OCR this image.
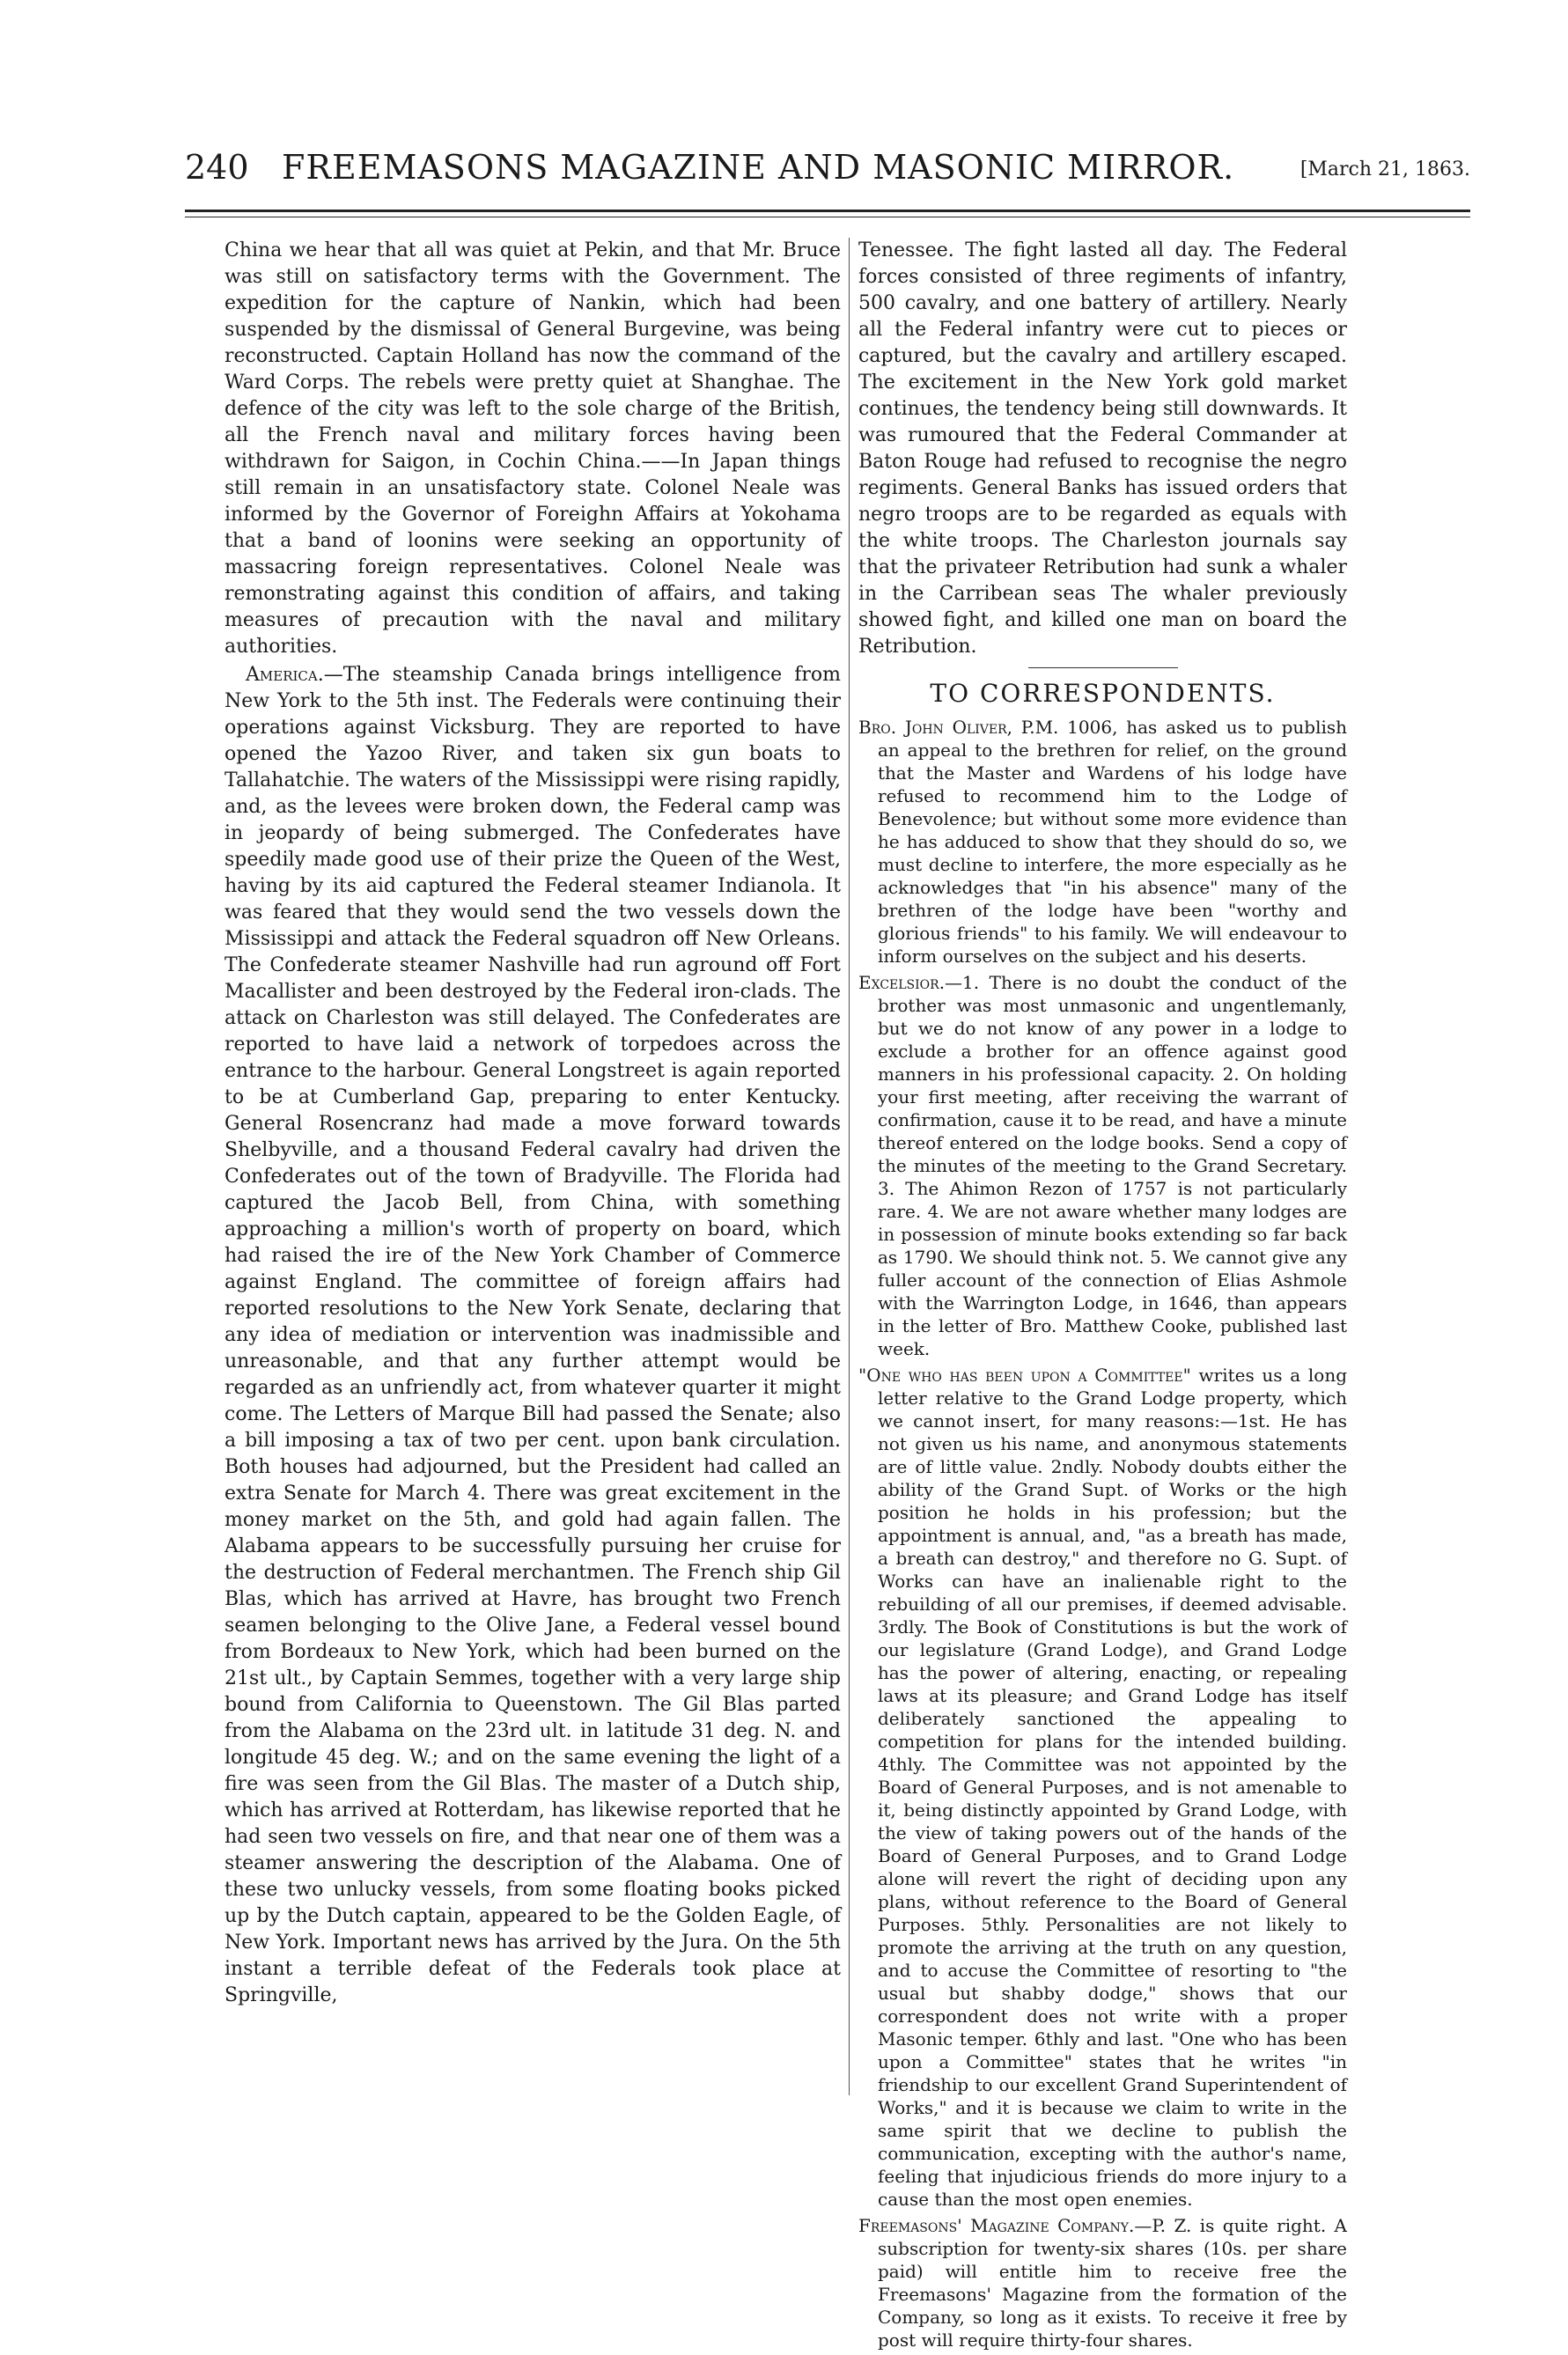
240 FREEMASONS MAGAZINE AND MASONIC MIRROR.	[March 21, 1863.

China we hear that all was quiet at Pekin, and that Mr. Bruce was still on satisfactory terms with the Government. The expedition for the capture of Nankin, which had been suspended by the dismissal of General Burgevine, was being reconstructed. Captain Holland has now the command of the Ward Corps. The rebels were pretty quiet at Shanghae. The defence of the city was left to the sole charge of the British, all the French naval and military forces having been withdrawn for Saigon, in Cochin China.——In Japan things still remain in an unsatisfactory state. Colonel Neale was informed by the Governor of Foreighn Affairs at Yokohama that a band of loonins were seeking an opportunity of massacring foreign representatives. Colonel Neale was remonstrating against this condition of affairs, and taking measures of precaution with the naval and military authorities.

America.—The steamship Canada brings intelligence from New York to the 5th inst. The Federals were continuing their operations against Vicksburg. They are reported to have opened the Yazoo River, and taken six gun boats to Tallahatchie. The waters of the Mississippi were rising rapidly, and, as the levees were broken down, the Federal camp was in jeopardy of being submerged. The Confederates have speedily made good use of their prize the Queen of the West, having by its aid captured the Federal steamer Indianola. It was feared that they would send the two vessels down the Mississippi and attack the Federal squadron off New Orleans. The Confederate steamer Nashville had run aground off Fort Macallister and been destroyed by the Federal iron-clads. The attack on Charleston was still delayed. The Confederates are reported to have laid a network of torpedoes across the entrance to the harbour. General Longstreet is again reported to be at Cumberland Gap, preparing to enter Kentucky. General Rosencranz had made a move forward towards Shelbyville, and a thousand Federal cavalry had driven the Confederates out of the town of Bradyville. The Florida had captured the Jacob Bell, from China, with something approaching a million's worth of property on board, which had raised the ire of the New York Chamber of Commerce against England. The committee of foreign affairs had reported resolutions to the New York Senate, declaring that any idea of mediation or intervention was inadmissible and unreasonable, and that any further attempt would be regarded as an unfriendly act, from whatever quarter it might come. The Letters of Marque Bill had passed the Senate; also a bill imposing a tax of two per cent. upon bank circulation. Both houses had adjourned, but the President had called an extra Senate for March 4. There was great excitement in the money market on the 5th, and gold had again fallen. The Alabama appears to be successfully pursuing her cruise for the destruction of Federal merchantmen. The French ship Gil Blas, which has arrived at Havre, has brought two French seamen belonging to the Olive Jane, a Federal vessel bound from Bordeaux to New York, which had been burned on the 21st ult., by Captain Semmes, together with a very large ship bound from California to Queenstown. The Gil Blas parted from the Alabama on the 23rd ult. in latitude 31 deg. N. and longitude 45 deg. W.; and on the same evening the light of a fire was seen from the Gil Blas. The master of a Dutch ship, which has arrived at Rotterdam, has likewise reported that he had seen two vessels on fire, and that near one of them was a steamer answering the description of the Alabama. One of these two unlucky vessels, from some floating books picked up by the Dutch captain, appeared to be the Golden Eagle, of New York. Important news has arrived by the Jura. On the 5th instant a terrible defeat of the Federals took place at Springville,

Tenessee. The fight lasted all day. The Federal forces consisted of three regiments of infantry, 500 cavalry, and one battery of artillery. Nearly all the Federal infantry were cut to pieces or captured, but the cavalry and artillery escaped. The excitement in the New York gold market continues, the tendency being still downwards. It was rumoured that the Federal Commander at Baton Rouge had refused to recognise the negro regiments. General Banks has issued orders that negro troops are to be regarded as equals with the white troops. The Charleston journals say that the privateer Retribution had sunk a whaler in the Carribean seas The whaler previously showed fight, and killed one man on board the Retribution.

TO CORRESPONDENTS.

Bro. John Oliver, P.M. 1006, has asked us to publish an appeal to the brethren for relief, on the ground that the Master and Wardens of his lodge have refused to recommend him to the Lodge of Benevolence; but without some more evidence than he has adduced to show that they should do so, we must decline to interfere, the more especially as he acknowledges that "in his absence" many of the brethren of the lodge have been "worthy and glorious friends" to his family. We will endeavour to inform ourselves on the subject and his deserts.

Excelsior.—1. There is no doubt the conduct of the brother was most unmasonic and ungentlemanly, but we do not know of any power in a lodge to exclude a brother for an offence against good manners in his professional capacity. 2. On holding your first meeting, after receiving the warrant of confirmation, cause it to be read, and have a minute thereof entered on the lodge books. Send a copy of the minutes of the meeting to the Grand Secretary. 3. The Ahimon Rezon of 1757 is not particularly rare. 4. We are not aware whether many lodges are in possession of minute books extending so far back as 1790. We should think not. 5. We cannot give any fuller account of the connection of Elias Ashmole with the Warrington Lodge, in 1646, than appears in the letter of Bro. Matthew Cooke, published last week.

"One who has been upon a Committee" writes us a long letter relative to the Grand Lodge property, which we cannot insert, for many reasons:—1st. He has not given us his name, and anonymous statements are of little value. 2ndly. Nobody doubts either the ability of the Grand Supt. of Works or the high position he holds in his profession; but the appointment is annual, and, "as a breath has made, a breath can destroy," and therefore no G. Supt. of Works can have an inalienable right to the rebuilding of all our premises, if deemed advisable. 3rdly. The Book of Constitutions is but the work of our legislature (Grand Lodge), and Grand Lodge has the power of altering, enacting, or repealing laws at its pleasure; and Grand Lodge has itself deliberately sanctioned the appealing to competition for plans for the intended building. 4thly. The Committee was not appointed by the Board of General Purposes, and is not amenable to it, being distinctly appointed by Grand Lodge, with the view of taking powers out of the hands of the Board of General Purposes, and to Grand Lodge alone will revert the right of deciding upon any plans, without reference to the Board of General Purposes. 5thly. Personalities are not likely to promote the arriving at the truth on any question, and to accuse the Committee of resorting to "the usual but shabby dodge," shows that our correspondent does not write with a proper Masonic temper. 6thly and last. "One who has been upon a Committee" states that he writes "in friendship to our excellent Grand Superintendent of Works," and it is because we claim to write in the same spirit that we decline to publish the communication, excepting with the author's name, feeling that injudicious friends do more injury to a cause than the most open enemies.

Freemasons' Magazine Company.—P. Z. is quite right. A subscription for twenty-six shares (10s. per share paid) will entitle him to receive free the Freemasons' Magazine from the formation of the Company, so long as it exists. To receive it free by post will require thirty-four shares.
